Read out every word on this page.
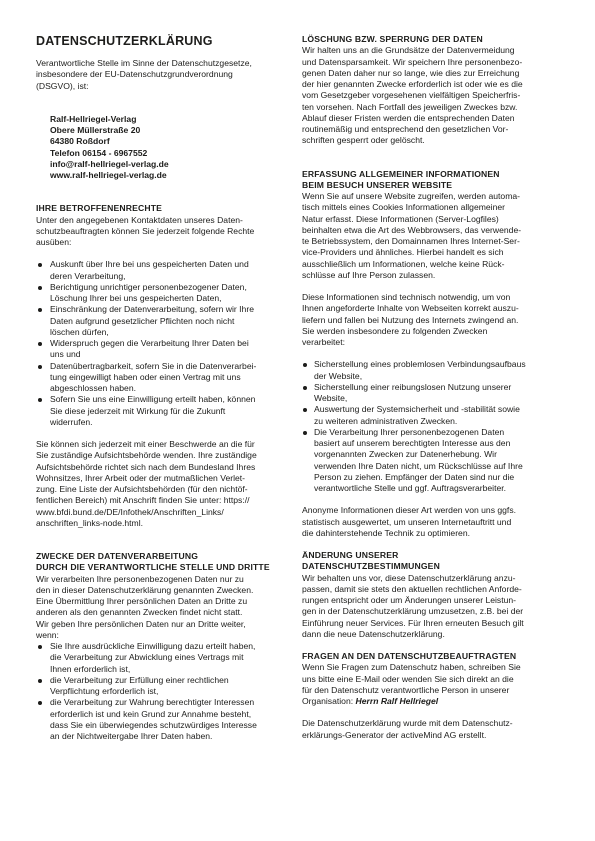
DATENSCHUTZERKLÄRUNG

Verantwortliche Stelle im Sinne der Datenschutzgesetze,
insbesondere der EU-Datenschutzgrundverordnung
(DSGVO), ist:

Ralf-Hellriegel-Verlag
Obere Müllerstraße 20
64380 Roßdorf
Telefon 06154 - 6967552
info@ralf-hellriegel-verlag.de
www.ralf-hellriegel-verlag.de
IHRE BETROFFENENRECHTE

Unter den angegebenen Kontaktdaten unseres Daten-
schutzbeauftragten können Sie jederzeit folgende Rechte
ausüben:

Auskunft über Ihre bei uns gespeicherten Daten und
deren Verarbeitung,
Berichtigung unrichtiger personenbezogener Daten,
Löschung Ihrer bei uns gespeicherten Daten,
Einschränkung der Datenverarbeitung, sofern wir Ihre
Daten aufgrund gesetzlicher Pflichten noch nicht
löschen dürfen,
Widerspruch gegen die Verarbeitung Ihrer Daten bei
uns und
Datenübertragbarkeit, sofern Sie in die Datenverarbei-
tung eingewilligt haben oder einen Vertrag mit uns
abgeschlossen haben.
Sofern Sie uns eine Einwilligung erteilt haben, können
Sie diese jederzeit mit Wirkung für die Zukunft
widerrufen.

Sie können sich jederzeit mit einer Beschwerde an die für
Sie zuständige Aufsichtsbehörde wenden. Ihre zuständige
Aufsichtsbehörde richtet sich nach dem Bundesland Ihres
Wohnsitzes, Ihrer Arbeit oder der mutmaßlichen Verlet-
zung. Eine Liste der Aufsichtsbehörden (für den nichtöf-
fentlichen Bereich) mit Anschrift finden Sie unter: https://
www.bfdi.bund.de/DE/Infothek/Anschriften_Links/
anschriften_links-node.html.

ZWECKE DER DATENVERARBEITUNG
DURCH DIE VERANTWORTLICHE STELLE UND DRITTE

Wir verarbeiten Ihre personenbezogenen Daten nur zu
den in dieser Datenschutzerklärung genannten Zwecken.
Eine Übermittlung Ihrer persönlichen Daten an Dritte zu
anderen als den genannten Zwecken findet nicht statt.
Wir geben Ihre persönlichen Daten nur an Dritte weiter,
wenn:

Sie Ihre ausdrückliche Einwilligung dazu erteilt haben,
die Verarbeitung zur Abwicklung eines Vertrags mit
Ihnen erforderlich ist,
die Verarbeitung zur Erfüllung einer rechtlichen
Verpflichtung erforderlich ist,
die Verarbeitung zur Wahrung berechtigter Interessen
erforderlich ist und kein Grund zur Annahme besteht,
dass Sie ein überwiegendes schutzwürdiges Interesse
an der Nichtweitergabe Ihrer Daten haben.
LÖSCHUNG BZW. SPERRUNG DER DATEN

Wir halten uns an die Grundsätze der Datenvermeidung
und Datensparsamkeit. Wir speichern Ihre personenbezo-
genen Daten daher nur so lange, wie dies zur Erreichung
der hier genannten Zwecke erforderlich ist oder wie es die
vom Gesetzgeber vorgesehenen vielfältigen Speicherfris-
ten vorsehen. Nach Fortfall des jeweiligen Zweckes bzw.
Ablauf dieser Fristen werden die entsprechenden Daten
routinemäßig und entsprechend den gesetzlichen Vor-
schriften gesperrt oder gelöscht.

ERFASSUNG ALLGEMEINER INFORMATIONEN
BEIM BESUCH UNSERER WEBSITE

Wenn Sie auf unsere Website zugreifen, werden automa-
tisch mittels eines Cookies Informationen allgemeiner
Natur erfasst. Diese Informationen (Server-Logfiles)
beinhalten etwa die Art des Webbrowsers, das verwende-
te Betriebssystem, den Domainnamen Ihres Internet-Ser-
vice-Providers und ähnliches. Hierbei handelt es sich
ausschließlich um Informationen, welche keine Rück-
schlüsse auf Ihre Person zulassen.

Diese Informationen sind technisch notwendig, um von
Ihnen angeforderte Inhalte von Webseiten korrekt auszu-
liefern und fallen bei Nutzung des Internets zwingend an.
Sie werden insbesondere zu folgenden Zwecken
verarbeitet:

Sicherstellung eines problemlosen Verbindungsaufbaus
der Website,
Sicherstellung einer reibungslosen Nutzung unserer
Website,
Auswertung der Systemsicherheit und -stabilität sowie
zu weiteren administrativen Zwecken.
Die Verarbeitung Ihrer personenbezogenen Daten
basiert auf unserem berechtigten Interesse aus den
vorgenannten Zwecken zur Datenerhebung. Wir
verwenden Ihre Daten nicht, um Rückschlüsse auf Ihre
Person zu ziehen. Empfänger der Daten sind nur die
verantwortliche Stelle und ggf. Auftragsverarbeiter.

Anonyme Informationen dieser Art werden von uns ggfs.
statistisch ausgewertet, um unseren Internetauftritt und
die dahinterstehende Technik zu optimieren.

ÄNDERUNG UNSERER
DATENSCHUTZBESTIMMUNGEN

Wir behalten uns vor, diese Datenschutzerklärung anzu-
passen, damit sie stets den aktuellen rechtlichen Anforde-
rungen entspricht oder um Änderungen unserer Leistun-
gen in der Datenschutzerklärung umzusetzen, z.B. bei der
Einführung neuer Services. Für Ihren erneuten Besuch gilt
dann die neue Datenschutzerklärung.

FRAGEN AN DEN DATENSCHUTZBEAUFTRAGTEN

Wenn Sie Fragen zum Datenschutz haben, schreiben Sie
uns bitte eine E-Mail oder wenden Sie sich direkt an die
für den Datenschutz verantwortliche Person in unserer
Organisation: Herrn Ralf Hellriegel

Die Datenschutzerklärung wurde mit dem Datenschutz-
erklärungs-Generator der activeMind AG erstellt.
